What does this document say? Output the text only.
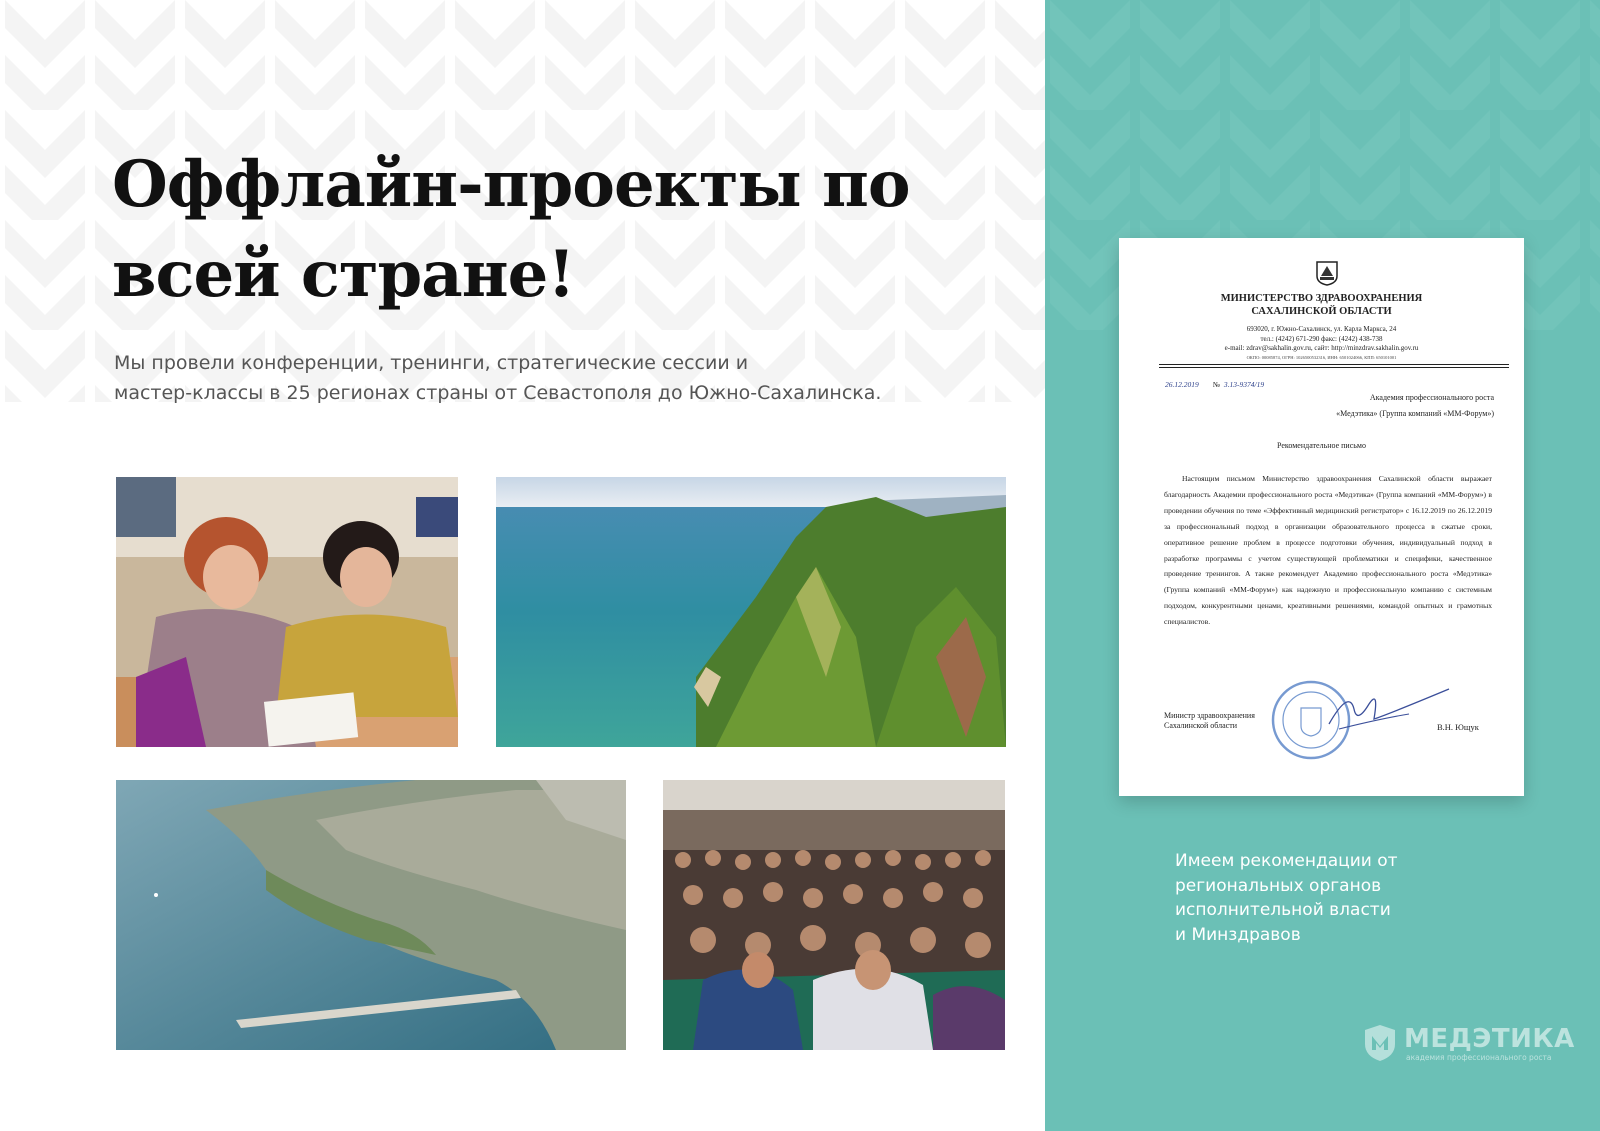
Оффлайн-проекты по
всей стране!

Мы провели конференции, тренинги, стратегические сессии и
мастер-классы в 25 регионах страны от Севастополя до Южно-Сахалинска.

МИНИСТЕРСТВО ЗДРАВООХРАНЕНИЯ
САХАЛИНСКОЙ ОБЛАСТИ
693020, г. Южно-Сахалинск, ул. Карла Маркса, 24
тел.: (4242) 671-290 факс: (4242) 438-738
e-mail: zdrav@sakhalin.gov.ru, сайт: http://minzdrav.sakhalin.gov.ru
ОКПО: 00085874, ОГРН: 1026500532316, ИНН: 6501024066, КПП: 650101001
26.12.2019 № 3.13-9374/19
Академия профессионального роста
«Медэтика» (Группа компаний «ММ-Форум»)
Рекомендательное письмо

Настоящим письмом Министерство здравоохранения Сахалинской области выражает благодарность Академии профессионального роста «Медэтика» (Группа компаний «ММ-Форум») в проведении обучения по теме «Эффективный медицинский регистратор» с 16.12.2019 по 26.12.2019 за профессиональный подход в организации образовательного процесса в сжатые сроки, оперативное решение проблем в процессе подготовки обучения, индивидуальный подход в разработке программы с учетом существующей проблематики и специфики, качественное проведение тренингов. А также рекомендует Академию профессионального роста «Медэтика» (Группа компаний «ММ-Форум») как надежную и профессиональную компанию с системным подходом, конкурентными ценами, креативными решениями, командой опытных и грамотных специалистов.

Министр здравоохранения
Сахалинской области	В.Н. Ющук

Имеем рекомендации от
региональных органов
исполнительной власти
и Минздравов

МЕДЭТИКА
академия профессионального роста
